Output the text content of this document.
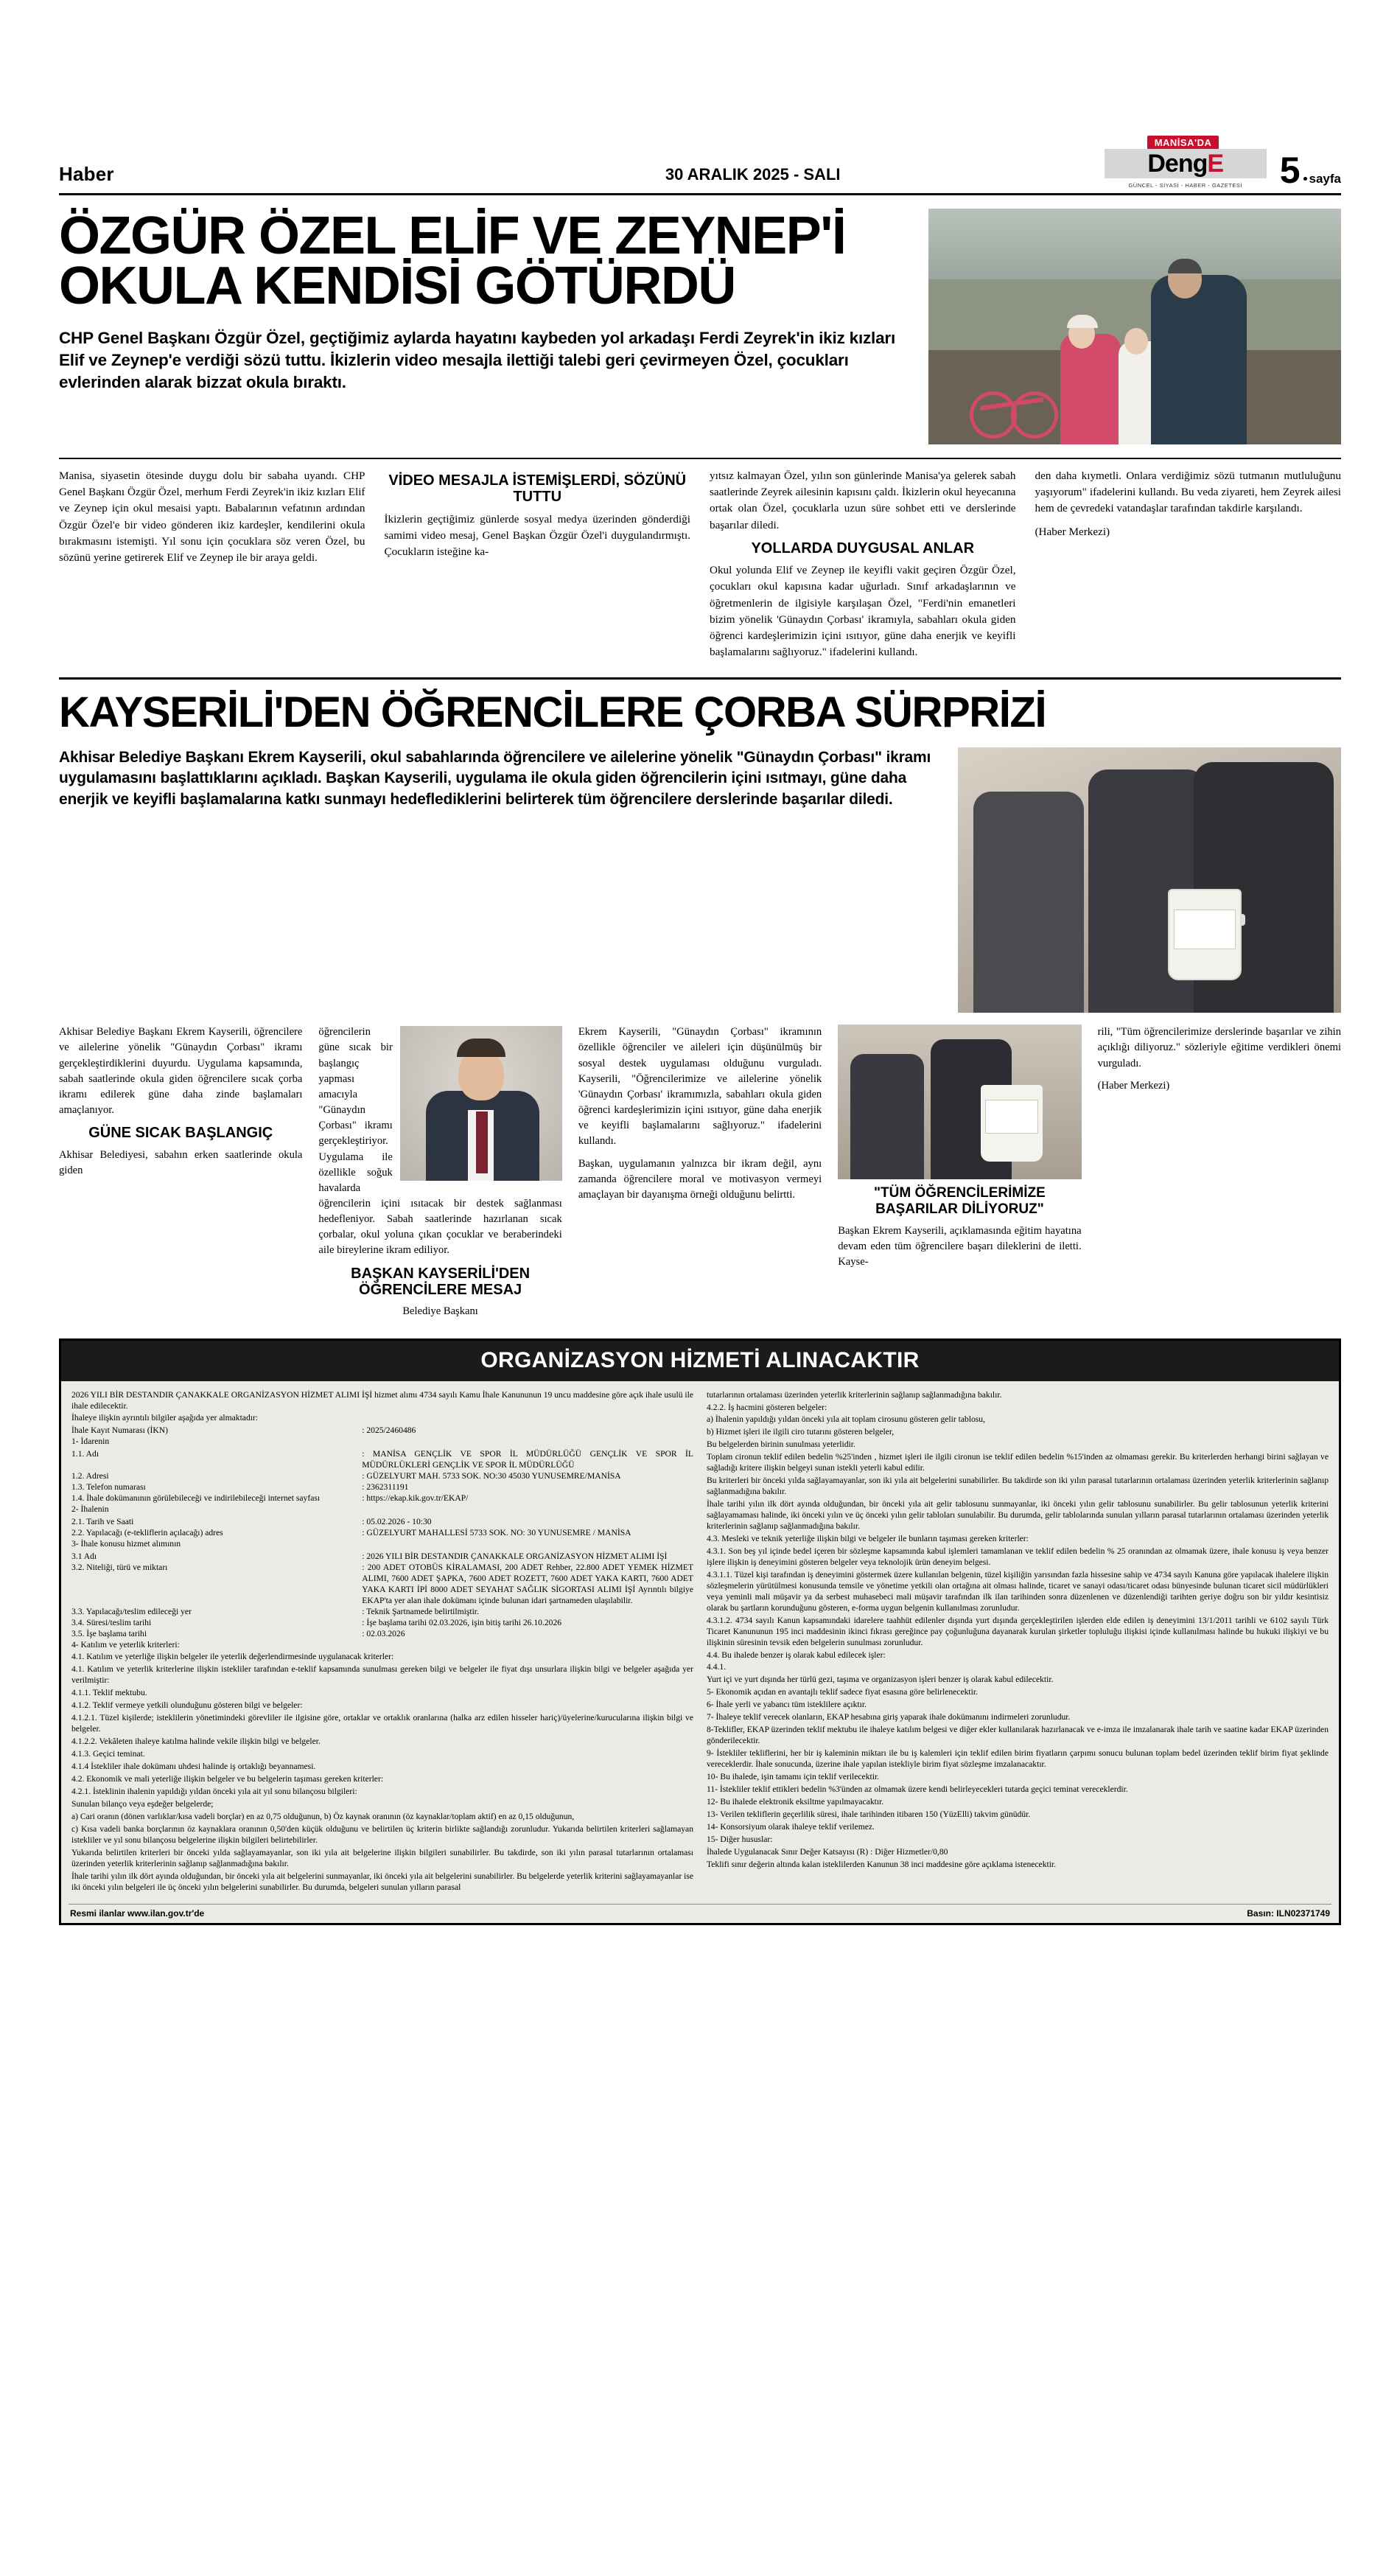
Haber	30 ARALIK 2025 - SALI
MANİSA'DA
DengE
GÜNCEL - SİYASİ - HABER - GAZETESİ	5 sayfa
ÖZGÜR ÖZEL ELİF VE ZEYNEP'İ
OKULA KENDİSİ GÖTÜRDÜ
CHP Genel Başkanı Özgür Özel, geçtiğimiz aylarda hayatını kaybeden yol arkadaşı Ferdi Zeyrek'in ikiz kızları Elif ve Zeynep'e verdiği sözü tuttu. İkizlerin video mesajla ilettiği talebi geri çevirmeyen Özel, çocukları evlerinden alarak bizzat okula bıraktı.

Manisa, siyasetin ötesinde duygu dolu bir sabaha uyandı. CHP Genel Başkanı Özgür Özel, merhum Ferdi Zeyrek'in ikiz kızları Elif ve Zeynep için okul mesaisi yaptı. Babalarının vefatının ardından Özgür Özel'e bir video gönderen ikiz kardeşler, kendilerini okula bırakmasını istemişti. Yıl sonu için çocuklara söz veren Özel, bu sözünü yerine getirerek Elif ve Zeynep ile bir araya geldi.

VİDEO MESAJLA İSTEMİŞLERDİ, SÖZÜNÜ TUTTU

İkizlerin geçtiğimiz günlerde sosyal medya üzerinden gönderdiği samimi video mesaj, Genel Başkan Özgür Özel'i duygulandırmıştı. Çocukların isteğine ka-

yıtsız kalmayan Özel, yılın son günlerinde Manisa'ya gelerek sabah saatlerinde Zeyrek ailesinin kapısını çaldı. İkizlerin okul heyecanına ortak olan Özel, çocuklarla uzun süre sohbet etti ve derslerinde başarılar diledi.

YOLLARDA DUYGUSAL ANLAR

Okul yolunda Elif ve Zeynep ile keyifli vakit geçiren Özgür Özel, çocukları okul kapısına kadar uğurladı. Sınıf arkadaşlarının ve öğretmenlerin de ilgisiyle karşılaşan Özel, "Ferdi'nin emanetleri bizim yönelik 'Günaydın Çorbası' ikramıyla, sabahları okula giden öğrenci kardeşlerimizin içini ısıtıyor, güne daha enerjik ve keyifli başlamalarını sağlıyoruz." ifadelerini kullandı.

den daha kıymetli. Onlara verdiğimiz sözü tutmanın mutluluğunu yaşıyorum" ifadelerini kullandı. Bu veda ziyareti, hem Zeyrek ailesi hem de çevredeki vatandaşlar tarafından takdirle karşılandı.

(Haber Merkezi)

KAYSERİLİ'DEN ÖĞRENCİLERE ÇORBA SÜRPRİZİ
Akhisar Belediye Başkanı Ekrem Kayserili, okul sabahlarında öğrencilere ve ailelerine yönelik "Günaydın Çorbası" ikramı uygulamasını başlattıklarını açıkladı. Başkan Kayserili, uygulama ile okula giden öğrencilerin içini ısıtmayı, güne daha enerjik ve keyifli başlamalarına katkı sunmayı hedeflediklerini belirterek tüm öğrencilere derslerinde başarılar diledi.

Akhisar Belediye Başkanı Ekrem Kayserili, öğrencilere ve ailelerine yönelik "Günaydın Çorbası" ikramı gerçekleştirdiklerini duyurdu. Uygulama kapsamında, sabah saatlerinde okula giden öğrencilere sıcak çorba ikramı edilerek güne daha zinde başlamaları amaçlanıyor.

GÜNE SICAK BAŞLANGIÇ

Akhisar Belediyesi, sabahın erken saatlerinde okula giden

öğrencilerin güne sıcak bir başlangıç yapması amacıyla "Günaydın Çorbası" ikramı gerçekleştiriyor. Uygulama ile özellikle soğuk havalarda öğrencilerin içini ısıtacak bir destek sağlanması hedefleniyor. Sabah saatlerinde hazırlanan sıcak çorbalar, okul yoluna çıkan çocuklar ve beraberindeki aile bireylerine ikram ediliyor.

BAŞKAN KAYSERİLİ'DEN ÖĞRENCİLERE MESAJ

Belediye Başkanı

Ekrem Kayserili, "Günaydın Çorbası" ikramının özellikle öğrenciler ve aileleri için düşünülmüş bir sosyal destek uygulaması olduğunu vurguladı. Kayserili, "Öğrencilerimize ve ailelerine yönelik 'Günaydın Çorbası' ikramımızla, sabahları okula giden öğrenci kardeşlerimizin içini ısıtıyor, güne daha enerjik ve keyifli başlamalarını sağlıyoruz." ifadelerini kullandı.

Başkan, uygulamanın yalnızca bir ikram değil, aynı zamanda öğrencilere moral ve motivasyon vermeyi amaçlayan bir dayanışma örneği olduğunu belirtti.	"TÜM ÖĞRENCİLERİMİZE BAŞARILAR DİLİYORUZ"

Başkan Ekrem Kayserili, açıklamasında eğitim hayatına devam eden tüm öğrencilere başarı dileklerini de iletti. Kayse-

rili, "Tüm öğrencilerimize derslerinde başarılar ve zihin açıklığı diliyoruz." sözleriyle eğitime verdikleri önemi vurguladı.

(Haber Merkezi)

ORGANİZASYON HİZMETİ ALINACAKTIR

2026 YILI BİR DESTANDIR ÇANAKKALE ORGANİZASYON HİZMET ALIMI İŞİ hizmet alımı 4734 sayılı Kamu İhale Kanununun 19 uncu maddesine göre açık ihale usulü ile ihale edilecektir.

İhaleye ilişkin ayrıntılı bilgiler aşağıda yer almaktadır:

İhale Kayıt Numarası (İKN)	: 2025/2460486

1- İdarenin

1.1. Adı	: MANİSA GENÇLİK VE SPOR İL MÜDÜRLÜĞÜ GENÇLİK VE SPOR İL MÜDÜRLÜKLERİ GENÇLİK VE SPOR İL MÜDÜRLÜĞÜ
1.2. Adresi	: GÜZELYURT MAH. 5733 SOK. NO:30 45030 YUNUSEMRE/MANİSA
1.3. Telefon numarası	: 2362311191
1.4. İhale dokümanının görülebileceği ve indirilebileceği internet sayfası	: https://ekap.kik.gov.tr/EKAP/

2- İhalenin

2.1. Tarih ve Saati	: 05.02.2026 - 10:30
2.2. Yapılacağı (e-tekliflerin açılacağı) adres	: GÜZELYURT MAHALLESİ 5733 SOK. NO: 30 YUNUSEMRE / MANİSA

3- İhale konusu hizmet alımının

3.1 Adı	: 2026 YILI BİR DESTANDIR ÇANAKKALE ORGANİZASYON HİZMET ALIMI İŞİ
3.2. Niteliği, türü ve miktarı	: 200 ADET OTOBÜS KİRALAMASI, 200 ADET Rehber, 22.800 ADET YEMEK HİZMET ALIMI, 7600 ADET ŞAPKA, 7600 ADET ROZETT, 7600 ADET YAKA KARTI, 7600 ADET YAKA KARTI İPİ 8000 ADET SEYAHAT SAĞLIK SİGORTASI ALIMI İŞİ Ayrıntılı bilgiye EKAP'ta yer alan ihale dokümanı içinde bulunan idari şartnameden ulaşılabilir.
3.3. Yapılacağı/teslim edileceği yer	: Teknik Şartnamede belirtilmiştir.
3.4. Süresi/teslim tarihi	: İşe başlama tarihi 02.03.2026, işin bitiş tarihi 26.10.2026
3.5. İşe başlama tarihi	: 02.03.2026

4- Katılım ve yeterlik kriterleri:

4.1. Katılım ve yeterliğe ilişkin belgeler ile yeterlik değerlendirmesinde uygulanacak kriterler:

4.1. Katılım ve yeterlik kriterlerine ilişkin istekliler tarafından e-teklif kapsamında sunulması gereken bilgi ve belgeler ile fiyat dışı unsurlara ilişkin bilgi ve belgeler aşağıda yer verilmiştir:

4.1.1. Teklif mektubu.

4.1.2. Teklif vermeye yetkili olunduğunu gösteren bilgi ve belgeler:

4.1.2.1. Tüzel kişilerde; isteklilerin yönetimindeki görevliler ile ilgisine göre, ortaklar ve ortaklık oranlarına (halka arz edilen hisseler hariç)/üyelerine/kurucularına ilişkin bilgi ve belgeler.

4.1.2.2. Vekâleten ihaleye katılma halinde vekile ilişkin bilgi ve belgeler.

4.1.3. Geçici teminat.

4.1.4 İstekliler ihale dokümanı uhdesi halinde iş ortaklığı beyannamesi.

4.2. Ekonomik ve mali yeterliğe ilişkin belgeler ve bu belgelerin taşıması gereken kriterler:

4.2.1. İsteklinin ihalenin yapıldığı yıldan önceki yıla ait yıl sonu bilançosu bilgileri:

Sunulan bilanço veya eşdeğer belgelerde;

a) Cari oranın (dönen varlıklar/kısa vadeli borçlar) en az 0,75 olduğunun, b) Öz kaynak oranının (öz kaynaklar/toplam aktif) en az 0,15 olduğunun,

c) Kısa vadeli banka borçlarının öz kaynaklara oranının 0,50'den küçük olduğunu ve belirtilen üç kriterin birlikte sağlandığı zorunludur. Yukarıda belirtilen kriterleri sağlamayan istekliler ve yıl sonu bilançosu belgelerine ilişkin bilgileri belirtebilirler.

Yukarıda belirtilen kriterleri bir önceki yılda sağlayamayanlar, son iki yıla ait belgelerine ilişkin bilgileri sunabilirler. Bu takdirde, son iki yılın parasal tutarlarının ortalaması üzerinden yeterlik kriterlerinin sağlanıp sağlanmadığına bakılır.

İhale tarihi yılın ilk dört ayında olduğundan, bir önceki yıla ait belgelerini sunmayanlar, iki önceki yıla ait belgelerini sunabilirler. Bu belgelerde yeterlik kriterini sağlayamayanlar ise iki önceki yılın belgeleri ile üç önceki yılın belgelerini sunabilirler. Bu durumda, belgeleri sunulan yılların parasal

tutarlarının ortalaması üzerinden yeterlik kriterlerinin sağlanıp sağlanmadığına bakılır.

4.2.2. İş hacmini gösteren belgeler:

a) İhalenin yapıldığı yıldan önceki yıla ait toplam cirosunu gösteren gelir tablosu,

b) Hizmet işleri ile ilgili ciro tutarını gösteren belgeler,

Bu belgelerden birinin sunulması yeterlidir.

Toplam cironun teklif edilen bedelin %25'inden , hizmet işleri ile ilgili cironun ise teklif edilen bedelin %15'inden az olmaması gerekir. Bu kriterlerden herhangi birini sağlayan ve sağladığı kritere ilişkin belgeyi sunan istekli yeterli kabul edilir.

Bu kriterleri bir önceki yılda sağlayamayanlar, son iki yıla ait belgelerini sunabilirler. Bu takdirde son iki yılın parasal tutarlarının ortalaması üzerinden yeterlik kriterlerinin sağlanıp sağlanmadığına bakılır.

İhale tarihi yılın ilk dört ayında olduğundan, bir önceki yıla ait gelir tablosunu sunmayanlar, iki önceki yılın gelir tablosunu sunabilirler. Bu gelir tablosunun yeterlik kriterini sağlayamaması halinde, iki önceki yılın ve üç önceki yılın gelir tabloları sunulabilir. Bu durumda, gelir tablolarında sunulan yılların parasal tutarlarının ortalaması üzerinden yeterlik kriterlerinin sağlanıp sağlanmadığına bakılır.

4.3. Mesleki ve teknik yeterliğe ilişkin bilgi ve belgeler ile bunların taşıması gereken kriterler:

4.3.1. Son beş yıl içinde bedel içeren bir sözleşme kapsamında kabul işlemleri tamamlanan ve teklif edilen bedelin % 25 oranından az olmamak üzere, ihale konusu iş veya benzer işlere ilişkin iş deneyimini gösteren belgeler veya teknolojik ürün deneyim belgesi.

4.3.1.1. Tüzel kişi tarafından iş deneyimini göstermek üzere kullanılan belgenin, tüzel kişiliğin yarısından fazla hissesine sahip ve 4734 sayılı Kanuna göre yapılacak ihalelere ilişkin sözleşmelerin yürütülmesi konusunda temsile ve yönetime yetkili olan ortağına ait olması halinde, ticaret ve sanayi odası/ticaret odası bünyesinde bulunan ticaret sicil müdürlükleri veya yeminli mali müşavir ya da serbest muhasebeci mali müşavir tarafından ilk ilan tarihinden sonra düzenlenen ve düzenlendiği tarihten geriye doğru son bir yıldır kesintisiz olarak bu şartların korunduğunu gösteren, e-forma uygun belgenin kullanılması zorunludur.

4.3.1.2. 4734 sayılı Kanun kapsamındaki idarelere taahhüt edilenler dışında yurt dışında gerçekleştirilen işlerden elde edilen iş deneyimini 13/1/2011 tarihli ve 6102 sayılı Türk Ticaret Kanununun 195 inci maddesinin ikinci fıkrası gereğince pay çoğunluğuna dayanarak kurulan şirketler topluluğu ilişkisi içinde kullanılması halinde bu hukuki ilişkiyi ve bu ilişkinin süresinin tevsik eden belgelerin sunulması zorunludur.

4.4. Bu ihalede benzer iş olarak kabul edilecek işler:

4.4.1.

Yurt içi ve yurt dışında her türlü gezi, taşıma ve organizasyon işleri benzer iş olarak kabul edilecektir.

5- Ekonomik açıdan en avantajlı teklif sadece fiyat esasına göre belirlenecektir.

6- İhale yerli ve yabancı tüm isteklilere açıktır.

7- İhaleye teklif verecek olanların, EKAP hesabına giriş yaparak ihale dokümanını indirmeleri zorunludur.

8-Teklifler, EKAP üzerinden teklif mektubu ile ihaleye katılım belgesi ve diğer ekler kullanılarak hazırlanacak ve e-imza ile imzalanarak ihale tarih ve saatine kadar EKAP üzerinden gönderilecektir.

9- İstekliler tekliflerini, her bir iş kaleminin miktarı ile bu iş kalemleri için teklif edilen birim fiyatların çarpımı sonucu bulunan toplam bedel üzerinden teklif birim fiyat şeklinde vereceklerdir. İhale sonucunda, üzerine ihale yapılan istekliyle birim fiyat sözleşme imzalanacaktır.

10- Bu ihalede, işin tamamı için teklif verilecektir.

11- İstekliler teklif ettikleri bedelin %3'ünden az olmamak üzere kendi belirleyecekleri tutarda geçici teminat vereceklerdir.

12- Bu ihalede elektronik eksiltme yapılmayacaktır.

13- Verilen tekliflerin geçerlilik süresi, ihale tarihinden itibaren 150 (YüzElli) takvim günüdür.

14- Konsorsiyum olarak ihaleye teklif verilemez.

15- Diğer hususlar:

İhalede Uygulanacak Sınır Değer Katsayısı (R) : Diğer Hizmetler/0,80

Teklifi sınır değerin altında kalan isteklilerden Kanunun 38 inci maddesine göre açıklama istenecektir.

Resmi ilanlar www.ilan.gov.tr'de	Basın: ILN02371749
